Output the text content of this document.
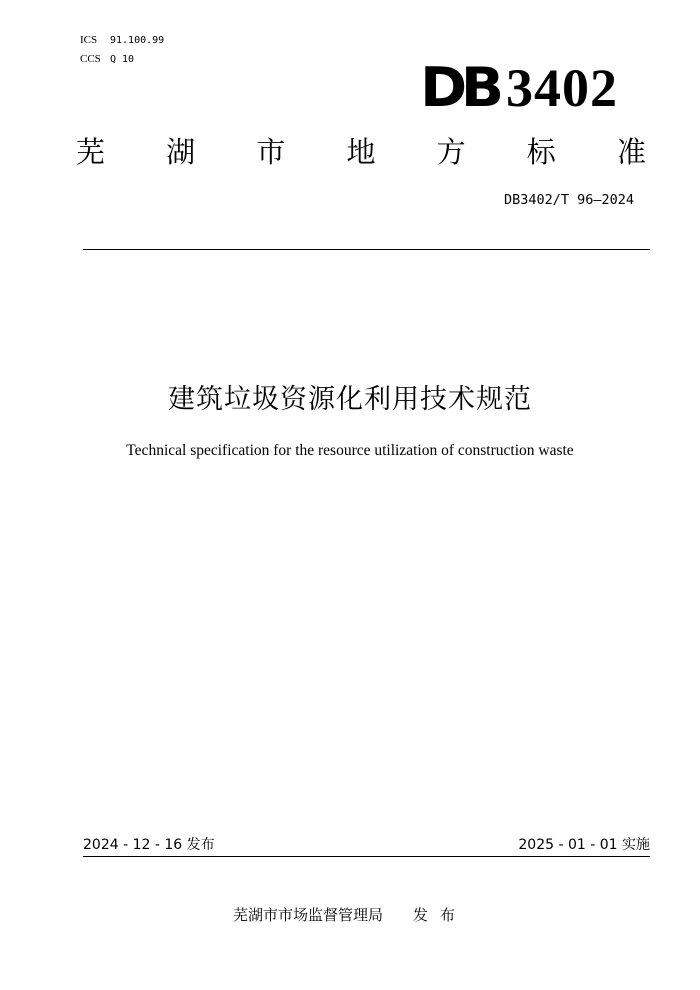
ICS 91.100.99
CCS Q 10	DB 3402
芜 湖 市 地 方 标 准
DB3402/T 96—2024
建筑垃圾资源化利用技术规范
Technical specification for the resource utilization of construction waste
2024 - 12 - 16 发布	2025 - 01 - 01 实施
芜湖市市场监督管理局 发布
